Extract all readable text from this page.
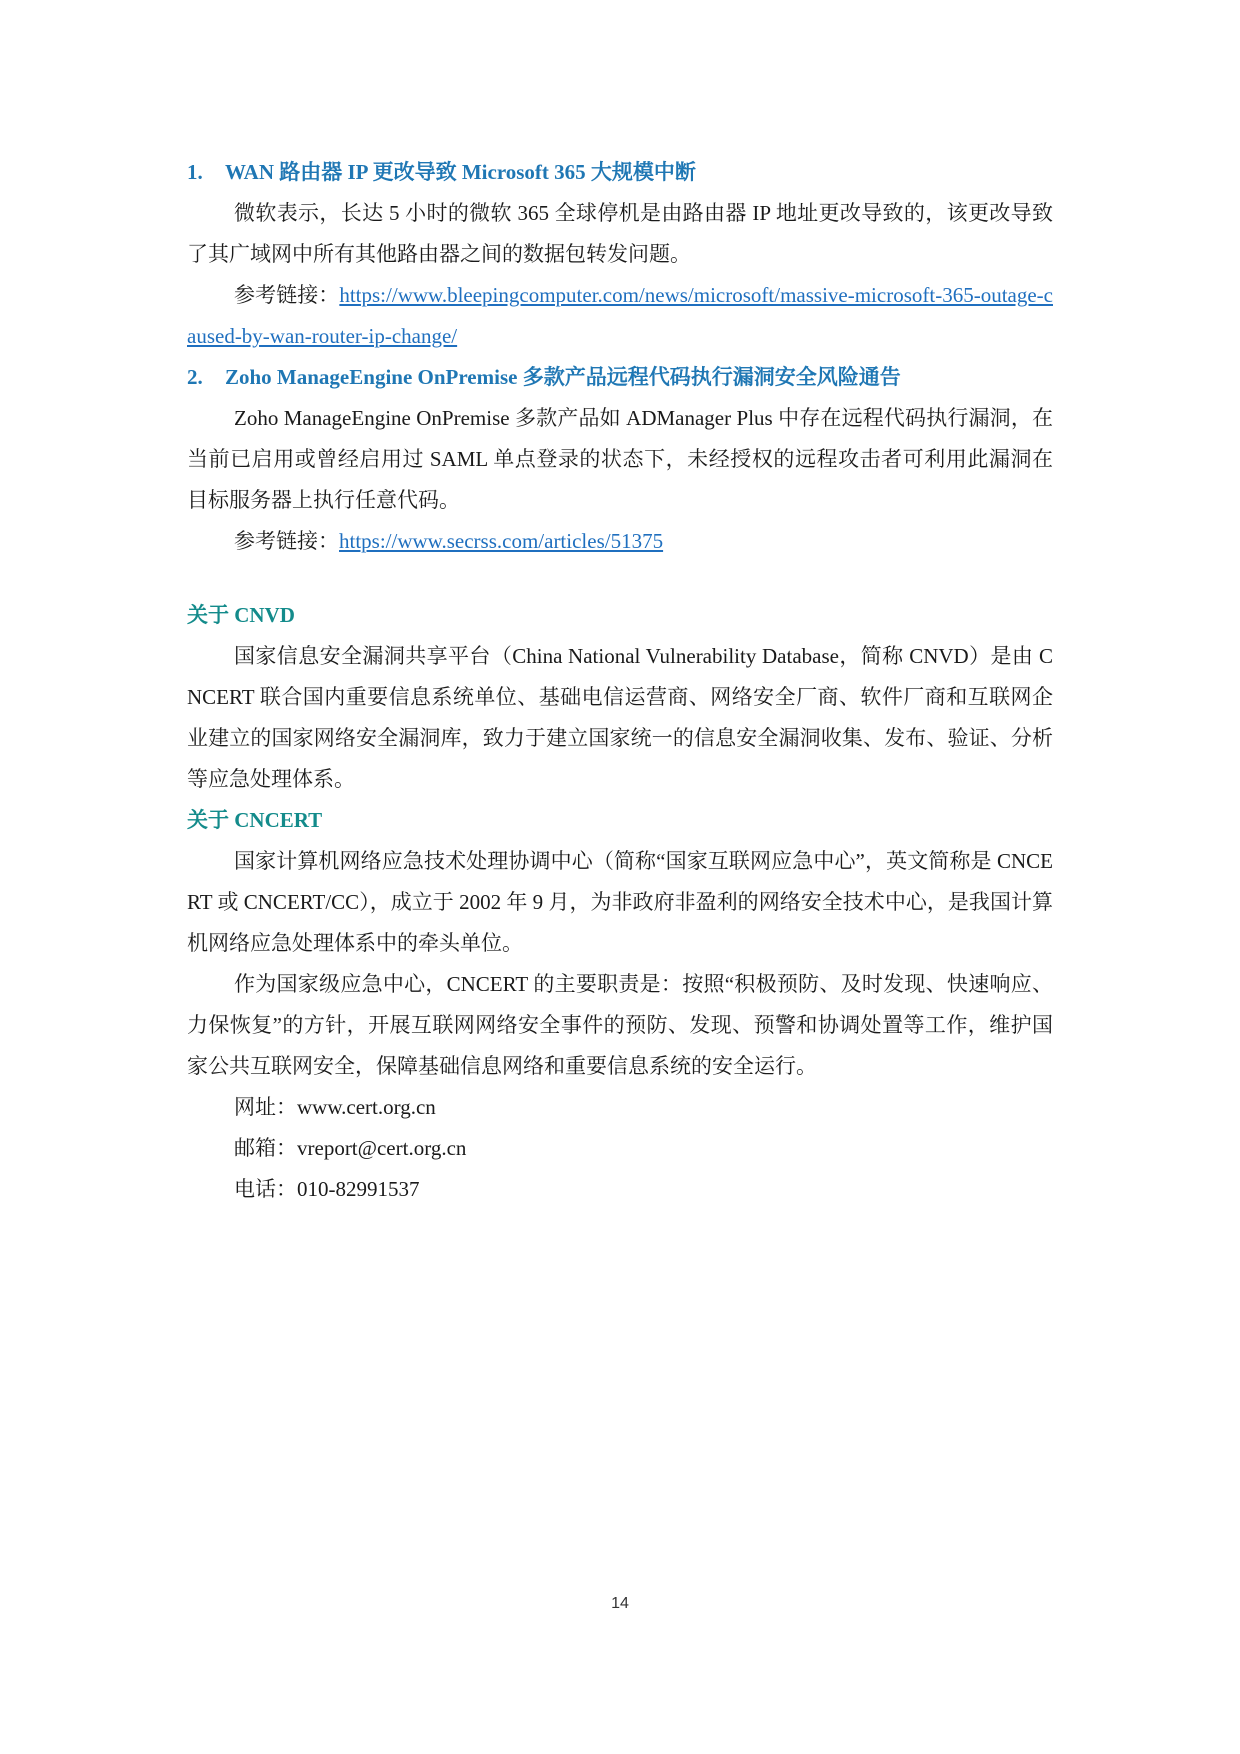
1. WAN 路由器 IP 更改导致 Microsoft 365 大规模中断

微软表示，长达 5 小时的微软 365 全球停机是由路由器 IP 地址更改导致的，该更改导致了其广域网中所有其他路由器之间的数据包转发问题。

参考链接：https://www.bleepingcomputer.com/news/microsoft/massive-microsoft-365-outage-caused-by-wan-router-ip-change/

2. Zoho ManageEngine OnPremise 多款产品远程代码执行漏洞安全风险通告

Zoho ManageEngine OnPremise 多款产品如 ADManager Plus 中存在远程代码执行漏洞，在当前已启用或曾经启用过 SAML 单点登录的状态下，未经授权的远程攻击者可利用此漏洞在目标服务器上执行任意代码。

参考链接：https://www.secrss.com/articles/51375

关于 CNVD

国家信息安全漏洞共享平台（China National Vulnerability Database，简称 CNVD）是由 CNCERT 联合国内重要信息系统单位、基础电信运营商、网络安全厂商、软件厂商和互联网企业建立的国家网络安全漏洞库，致力于建立国家统一的信息安全漏洞收集、发布、验证、分析等应急处理体系。

关于 CNCERT

国家计算机网络应急技术处理协调中心（简称“国家互联网应急中心”，英文简称是 CNCERT 或 CNCERT/CC），成立于 2002 年 9 月，为非政府非盈利的网络安全技术中心，是我国计算机网络应急处理体系中的牵头单位。

作为国家级应急中心，CNCERT 的主要职责是：按照“积极预防、及时发现、快速响应、力保恢复”的方针，开展互联网网络安全事件的预防、发现、预警和协调处置等工作，维护国家公共互联网安全，保障基础信息网络和重要信息系统的安全运行。

网址：www.cert.org.cn

邮箱：vreport@cert.org.cn

电话：010-82991537

14
